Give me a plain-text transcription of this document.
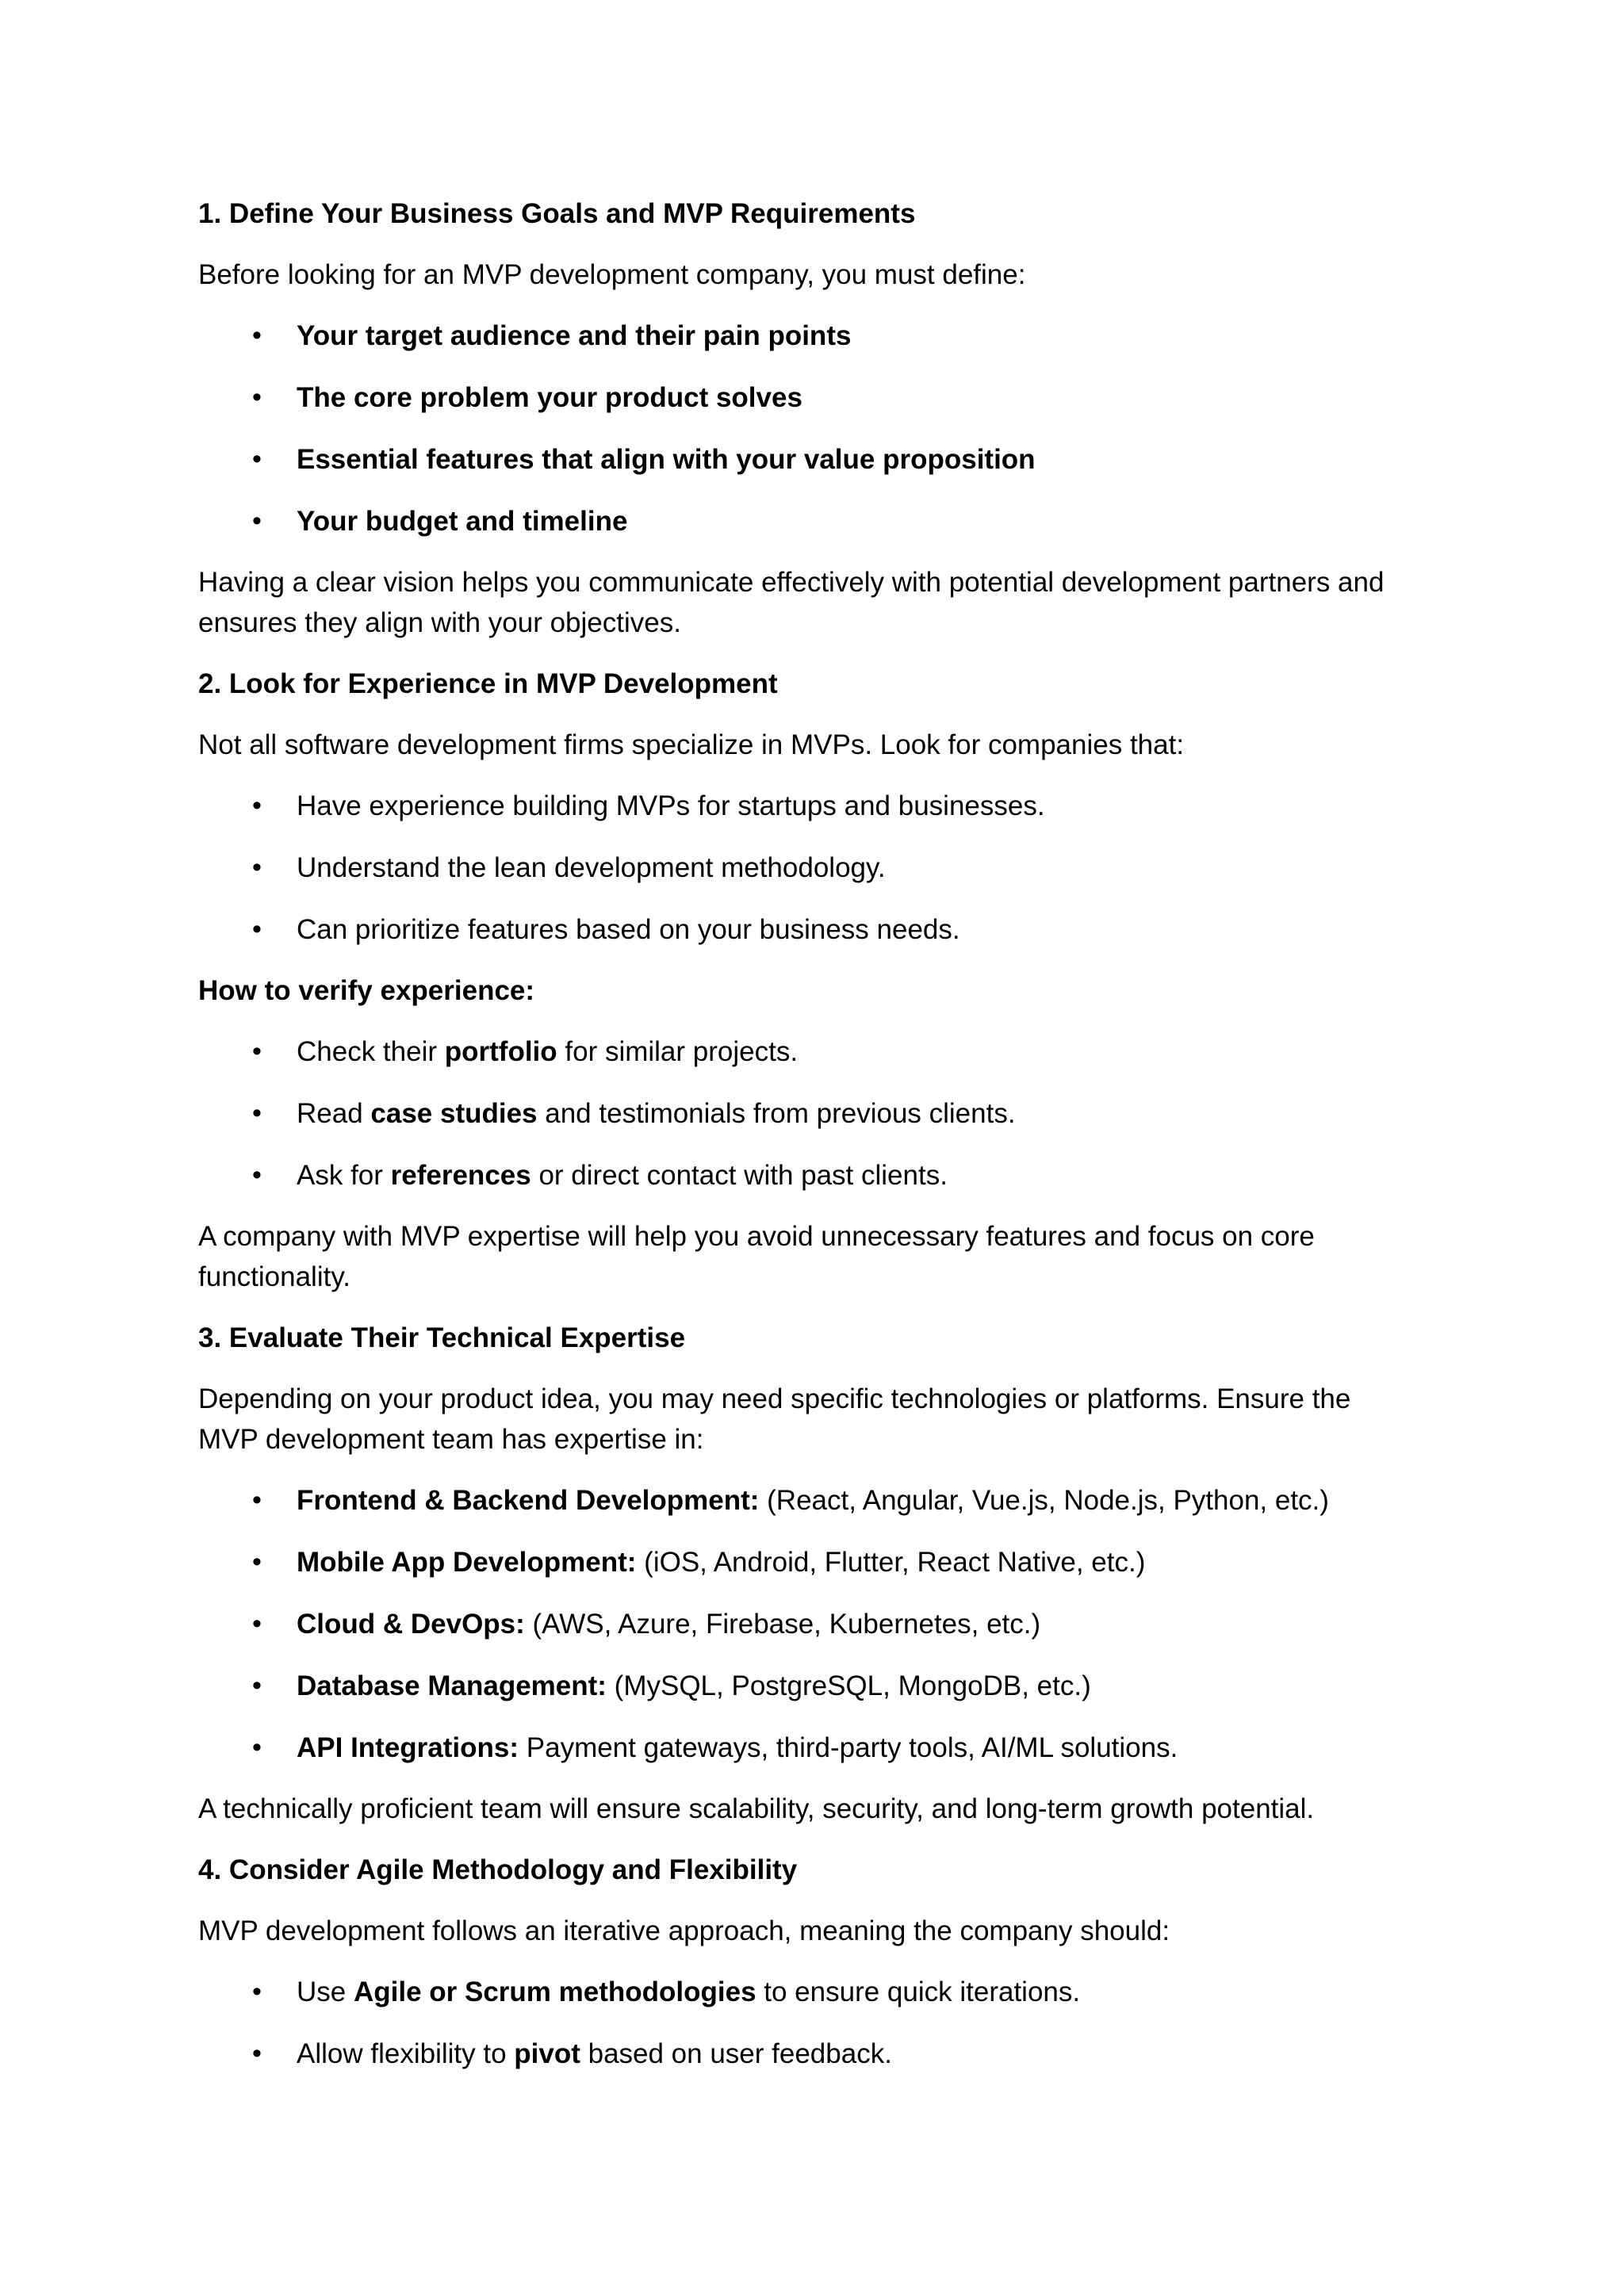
1. Define Your Business Goals and MVP Requirements
Before looking for an MVP development company, you must define:
• Your target audience and their pain points
• The core problem your product solves
• Essential features that align with your value proposition
• Your budget and timeline
Having a clear vision helps you communicate effectively with potential development partners and ensures they align with your objectives.
2. Look for Experience in MVP Development
Not all software development firms specialize in MVPs. Look for companies that:
• Have experience building MVPs for startups and businesses.
• Understand the lean development methodology.
• Can prioritize features based on your business needs.
How to verify experience:
• Check their portfolio for similar projects.
• Read case studies and testimonials from previous clients.
• Ask for references or direct contact with past clients.
A company with MVP expertise will help you avoid unnecessary features and focus on core functionality.
3. Evaluate Their Technical Expertise
Depending on your product idea, you may need specific technologies or platforms. Ensure the MVP development team has expertise in:
• Frontend & Backend Development: (React, Angular, Vue.js, Node.js, Python, etc.)
• Mobile App Development: (iOS, Android, Flutter, React Native, etc.)
• Cloud & DevOps: (AWS, Azure, Firebase, Kubernetes, etc.)
• Database Management: (MySQL, PostgreSQL, MongoDB, etc.)
• API Integrations: Payment gateways, third-party tools, AI/ML solutions.
A technically proficient team will ensure scalability, security, and long-term growth potential.
4. Consider Agile Methodology and Flexibility
MVP development follows an iterative approach, meaning the company should:
• Use Agile or Scrum methodologies to ensure quick iterations.
• Allow flexibility to pivot based on user feedback.
